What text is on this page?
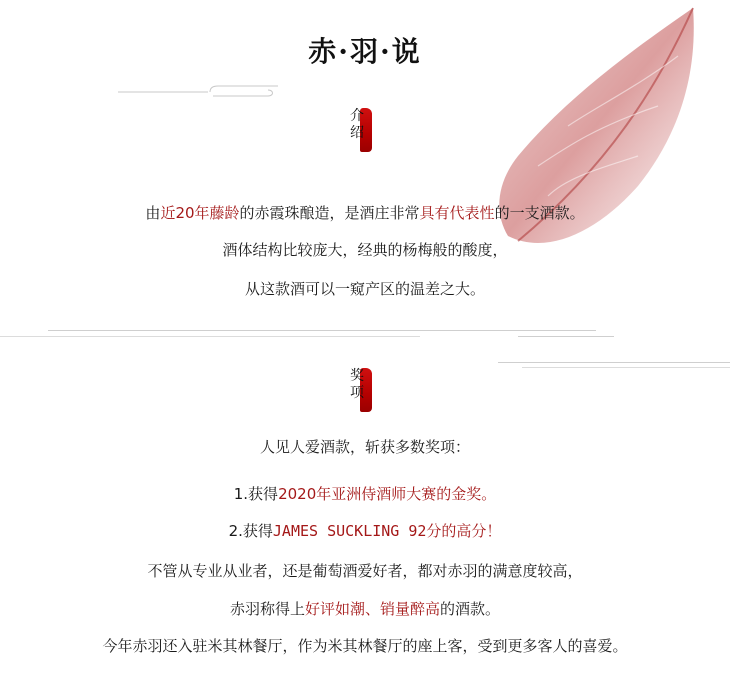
赤·羽·说
介绍
由近20年藤龄的赤霞珠酿造，是酒庄非常具有代表性的一支酒款。
酒体结构比较庞大，经典的杨梅般的酸度，
从这款酒可以一窥产区的温差之大。
奖项
人见人爱酒款，斩获多数奖项：
1.获得2020年亚洲侍酒师大赛的金奖。
2.获得JAMES SUCKLING 92分的高分！
不管从专业从业者，还是葡萄酒爱好者，都对赤羽的满意度较高，
赤羽称得上好评如潮、销量醉高的酒款。
今年赤羽还入驻米其林餐厅，作为米其林餐厅的座上客，受到更多客人的喜爱。
